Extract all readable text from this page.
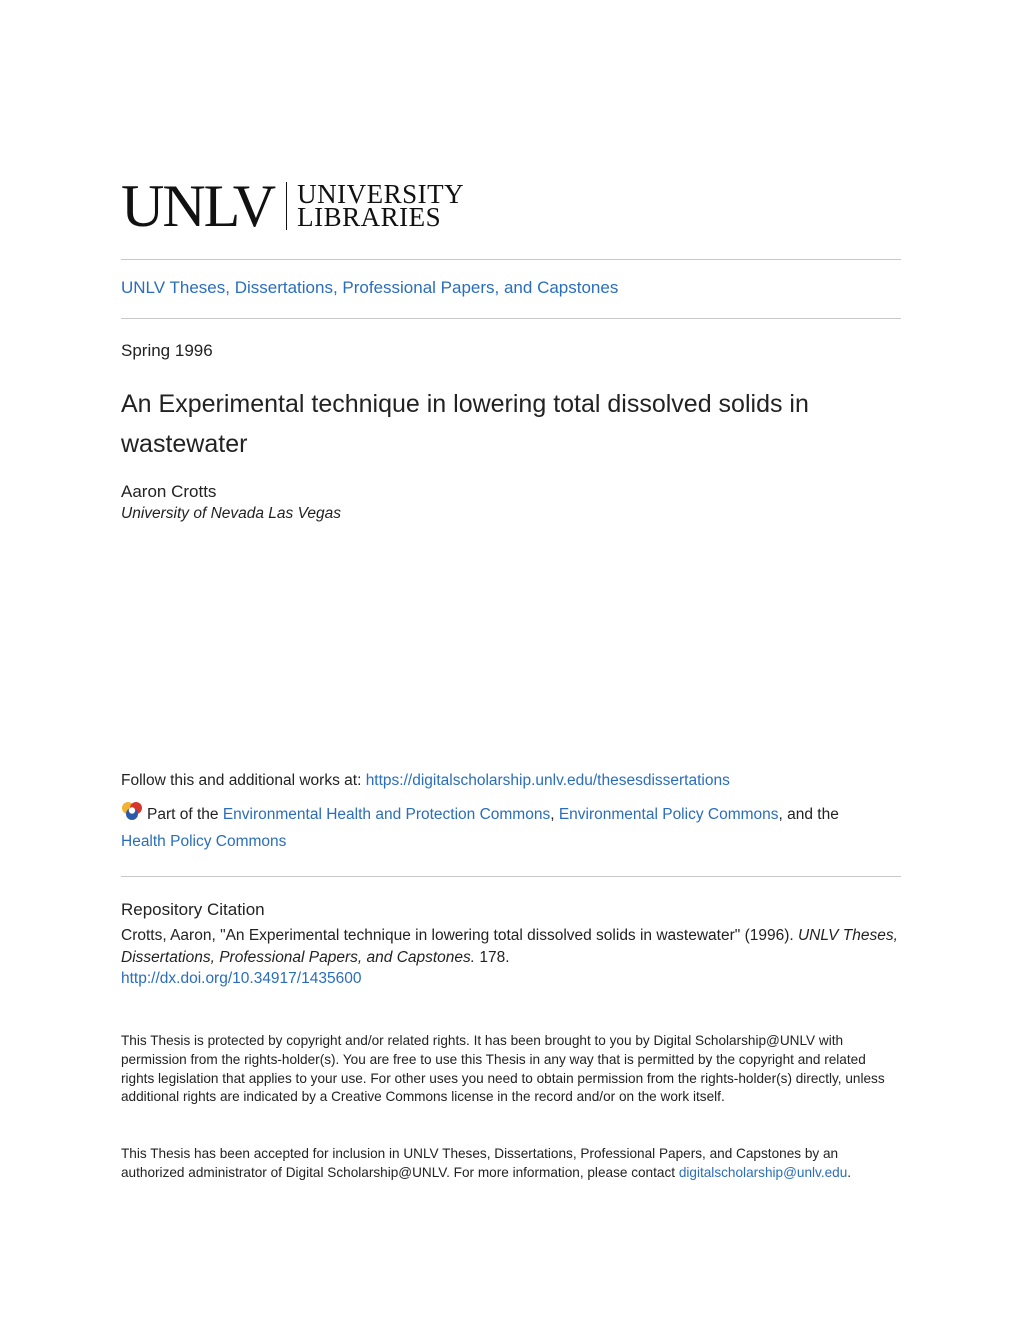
UNLV UNIVERSITY
LIBRARIES
UNLV Theses, Dissertations, Professional Papers, and Capstones
Spring 1996
An Experimental technique in lowering total dissolved solids in wastewater
Aaron Crotts
University of Nevada Las Vegas
Follow this and additional works at: https://digitalscholarship.unlv.edu/thesesdissertations
Part of the Environmental Health and Protection Commons, Environmental Policy Commons, and the
Health Policy Commons
Repository Citation
Crotts, Aaron, "An Experimental technique in lowering total dissolved solids in wastewater" (1996). UNLV Theses, Dissertations, Professional Papers, and Capstones. 178.
http://dx.doi.org/10.34917/1435600

This Thesis is protected by copyright and/or related rights. It has been brought to you by Digital Scholarship@UNLV with permission from the rights-holder(s). You are free to use this Thesis in any way that is permitted by the copyright and related rights legislation that applies to your use. For other uses you need to obtain permission from the rights-holder(s) directly, unless additional rights are indicated by a Creative Commons license in the record and/or on the work itself.

This Thesis has been accepted for inclusion in UNLV Theses, Dissertations, Professional Papers, and Capstones by an authorized administrator of Digital Scholarship@UNLV. For more information, please contact digitalscholarship@unlv.edu.
